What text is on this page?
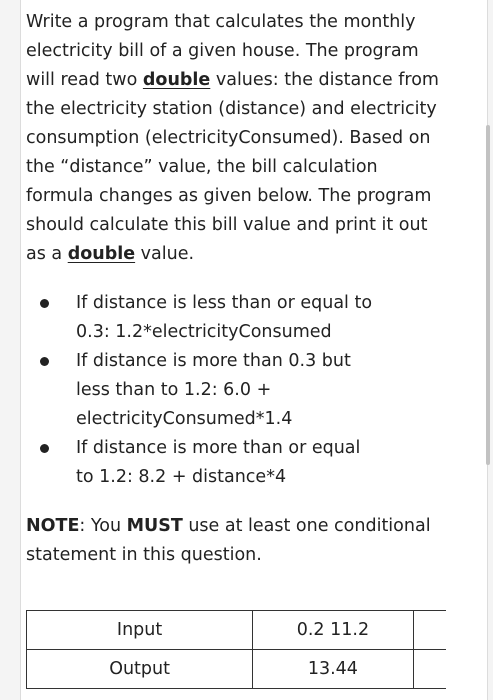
Write a program that calculates the monthly electricity bill of a given house. The program will read two double values: the distance from the electricity station (distance) and electricity consumption (electricityConsumed). Based on the “distance” value, the bill calculation formula changes as given below. The program should calculate this bill value and print it out as a double value.

If distance is less than or equal to 0.3: 1.2*electricityConsumed
If distance is more than 0.3 but less than to 1.2: 6.0 + electricityConsumed*1.4
If distance is more than or equal to 1.2: 8.2 + distance*4

NOTE: You MUST use at least one conditional statement in this question.

Input	0.2 11.2	
Output	13.44	
